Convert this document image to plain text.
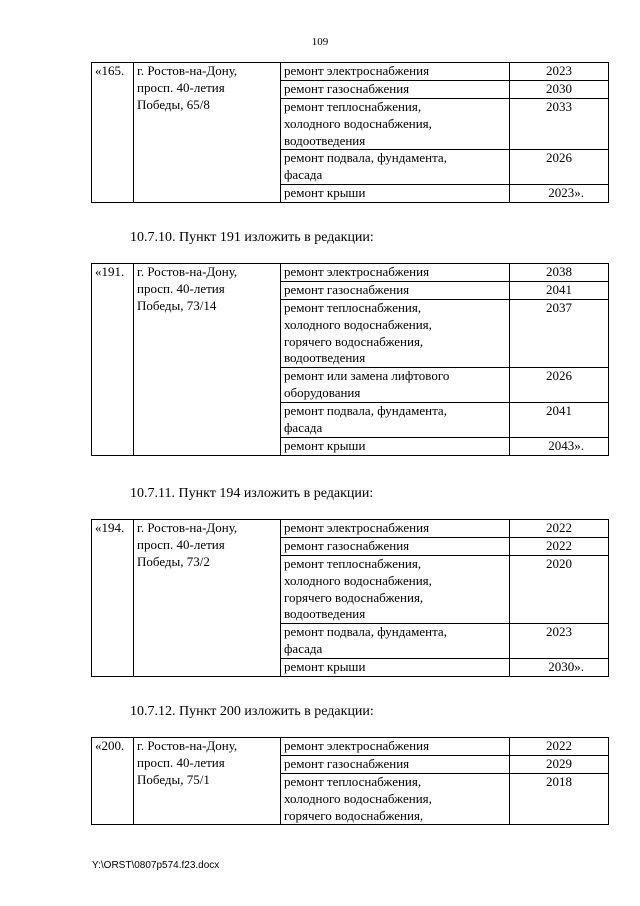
109
«165.	г. Ростов-на-Дону,
просп. 40-летия
Победы, 65/8	ремонт электроснабжения	2023

		ремонт газоснабжения	2030

		ремонт теплоснабжения,
холодного водоснабжения,
водоотведения	2033

		ремонт подвала, фундамента,
фасада	2026

		ремонт крыши	2023».
10.7.10. Пункт 191 изложить в редакции:
«191.	г. Ростов-на-Дону,
просп. 40-летия
Победы, 73/14	ремонт электроснабжения	2038

		ремонт газоснабжения	2041

		ремонт теплоснабжения,
холодного водоснабжения,
горячего водоснабжения,
водоотведения	2037

		ремонт или замена лифтового
оборудования	2026

		ремонт подвала, фундамента,
фасада	2041

		ремонт крыши	2043».
10.7.11. Пункт 194 изложить в редакции:
«194.	г. Ростов-на-Дону,
просп. 40-летия
Победы, 73/2	ремонт электроснабжения	2022

		ремонт газоснабжения	2022

		ремонт теплоснабжения,
холодного водоснабжения,
горячего водоснабжения,
водоотведения	2020

		ремонт подвала, фундамента,
фасада	2023

		ремонт крыши	2030».
10.7.12. Пункт 200 изложить в редакции:
«200.	г. Ростов-на-Дону,
просп. 40-летия
Победы, 75/1	ремонт электроснабжения	2022

		ремонт газоснабжения	2029

		ремонт теплоснабжения,
холодного водоснабжения,
горячего водоснабжения,	2018
Y:\ORST\0807p574.f23.docx
